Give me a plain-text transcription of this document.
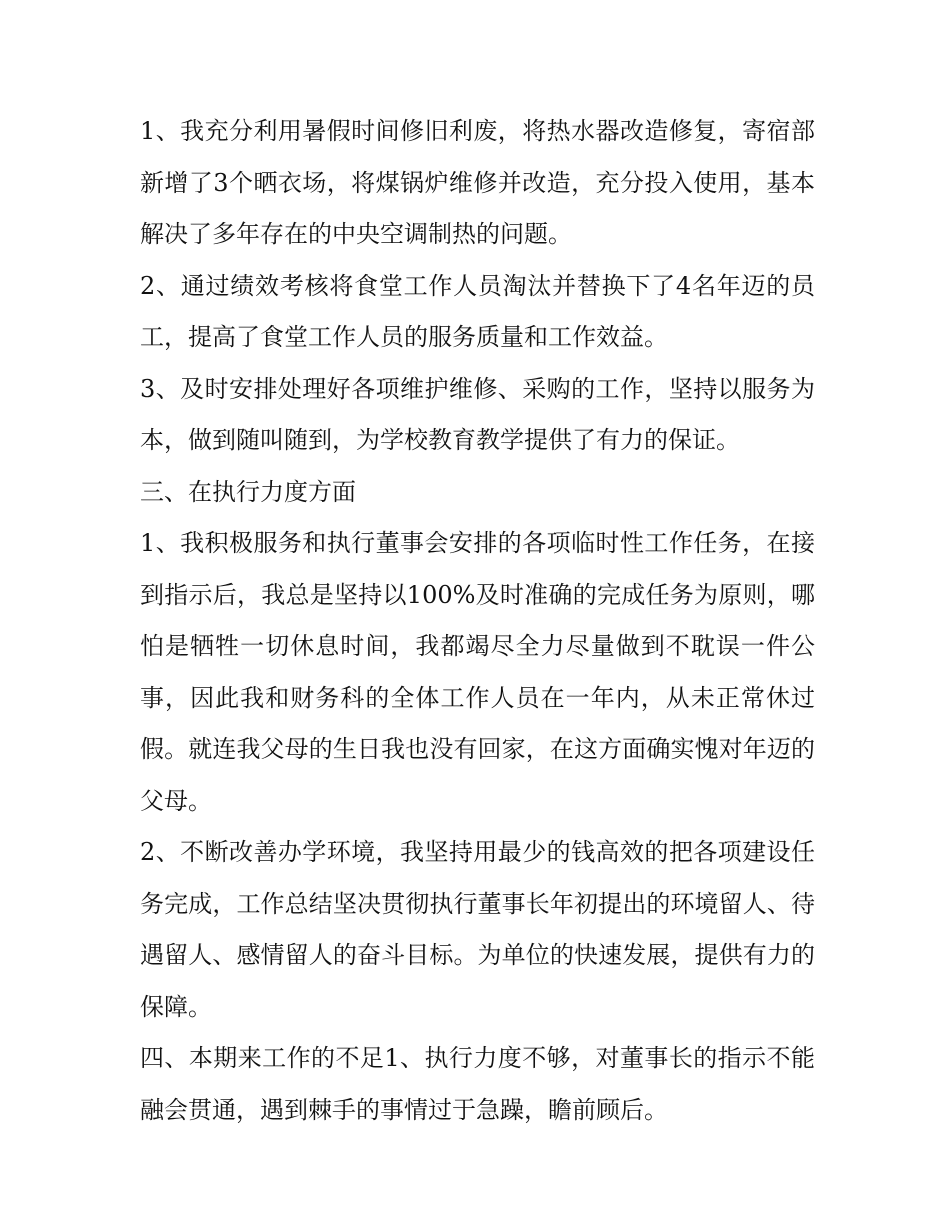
1、我充分利用暑假时间修旧利废，将热水器改造修复，寄宿部新增了3个晒衣场，将煤锅炉维修并改造，充分投入使用，基本解决了多年存在的中央空调制热的问题。

2、通过绩效考核将食堂工作人员淘汰并替换下了4名年迈的员工，提高了食堂工作人员的服务质量和工作效益。

3、及时安排处理好各项维护维修、采购的工作，坚持以服务为本，做到随叫随到，为学校教育教学提供了有力的保证。

三、在执行力度方面

1、我积极服务和执行董事会安排的各项临时性工作任务，在接到指示后，我总是坚持以100%及时准确的完成任务为原则，哪怕是牺牲一切休息时间，我都竭尽全力尽量做到不耽误一件公事，因此我和财务科的全体工作人员在一年内，从未正常休过假。就连我父母的生日我也没有回家，在这方面确实愧对年迈的父母。

2、不断改善办学环境，我坚持用最少的钱高效的把各项建设任务完成，工作总结坚决贯彻执行董事长年初提出的环境留人、待遇留人、感情留人的奋斗目标。为单位的快速发展，提供有力的保障。

四、本期来工作的不足1、执行力度不够，对董事长的指示不能融会贯通，遇到棘手的事情过于急躁，瞻前顾后。
